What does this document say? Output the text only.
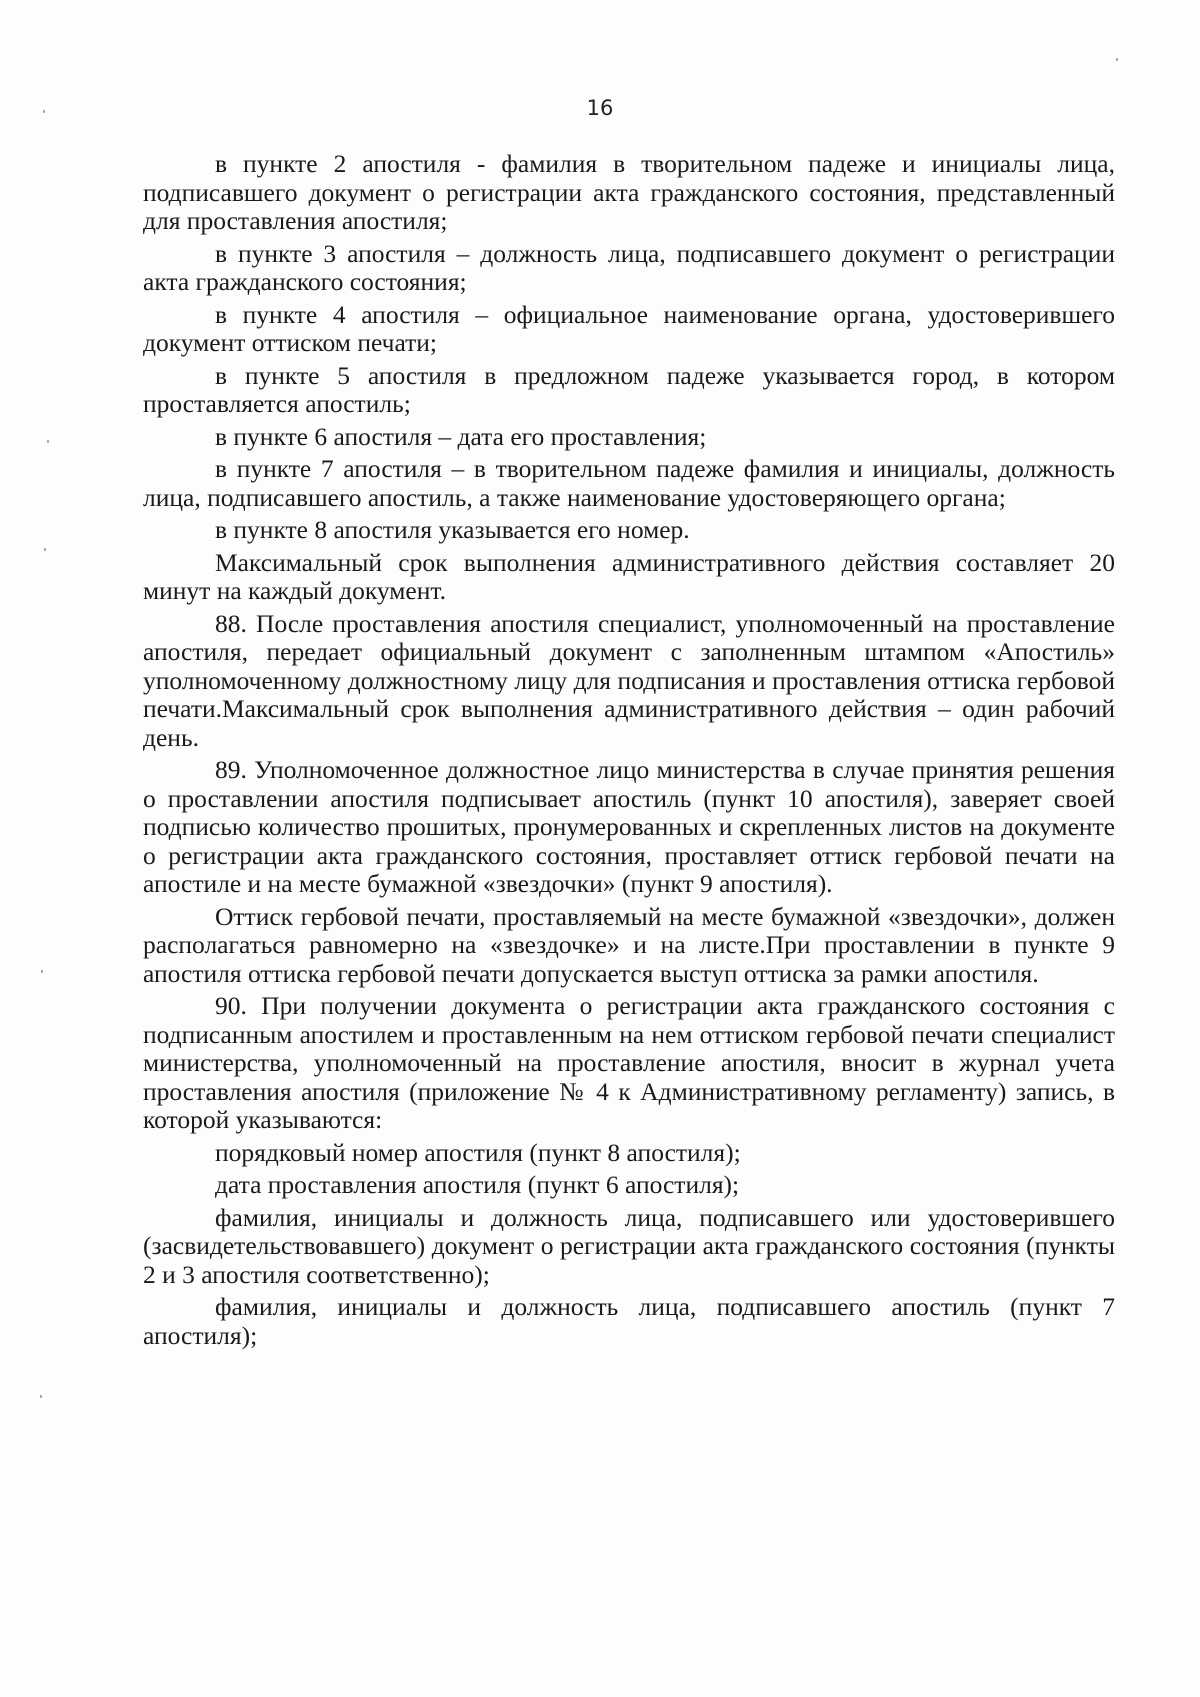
16

в пункте 2 апостиля - фамилия в творительном падеже и инициалы лица, подписавшего документ о регистрации акта гражданского состояния, представленный для проставления апостиля;

в пункте 3 апостиля – должность лица, подписавшего документ о регистрации акта гражданского состояния;

в пункте 4 апостиля – официальное наименование органа, удостоверившего документ оттиском печати;

в пункте 5 апостиля в предложном падеже указывается город, в котором проставляется апостиль;

в пункте 6 апостиля – дата его проставления;

в пункте 7 апостиля – в творительном падеже фамилия и инициалы, должность лица, подписавшего апостиль, а также наименование удостоверяющего органа;

в пункте 8 апостиля указывается его номер.

Максимальный срок выполнения административного действия составляет 20 минут на каждый документ.

88. После проставления апостиля специалист, уполномоченный на проставление апостиля, передает официальный документ с заполненным штампом «Апостиль» уполномоченному должностному лицу для подписания и проставления оттиска гербовой печати.Максимальный срок выполнения административного действия – один рабочий день.

89. Уполномоченное должностное лицо министерства в случае принятия решения о проставлении апостиля подписывает апостиль (пункт 10 апостиля), заверяет своей подписью количество прошитых, пронумерованных и скрепленных листов на документе о регистрации акта гражданского состояния, проставляет оттиск гербовой печати на апостиле и на месте бумажной «звездочки» (пункт 9 апостиля).

Оттиск гербовой печати, проставляемый на месте бумажной «звездочки», должен располагаться равномерно на «звездочке» и на листе.При проставлении в пункте 9 апостиля оттиска гербовой печати допускается выступ оттиска за рамки апостиля.

90. При получении документа о регистрации акта гражданского состояния с подписанным апостилем и проставленным на нем оттиском гербовой печати специалист министерства, уполномоченный на проставление апостиля, вносит в журнал учета проставления апостиля (приложение № 4 к Административному регламенту) запись, в которой указываются:

порядковый номер апостиля (пункт 8 апостиля);

дата проставления апостиля (пункт 6 апостиля);

фамилия, инициалы и должность лица, подписавшего или удостоверившего (засвидетельствовавшего) документ о регистрации акта гражданского состояния (пункты 2 и 3 апостиля соответственно);

фамилия, инициалы и должность лица, подписавшего апостиль (пункт 7 апостиля);
